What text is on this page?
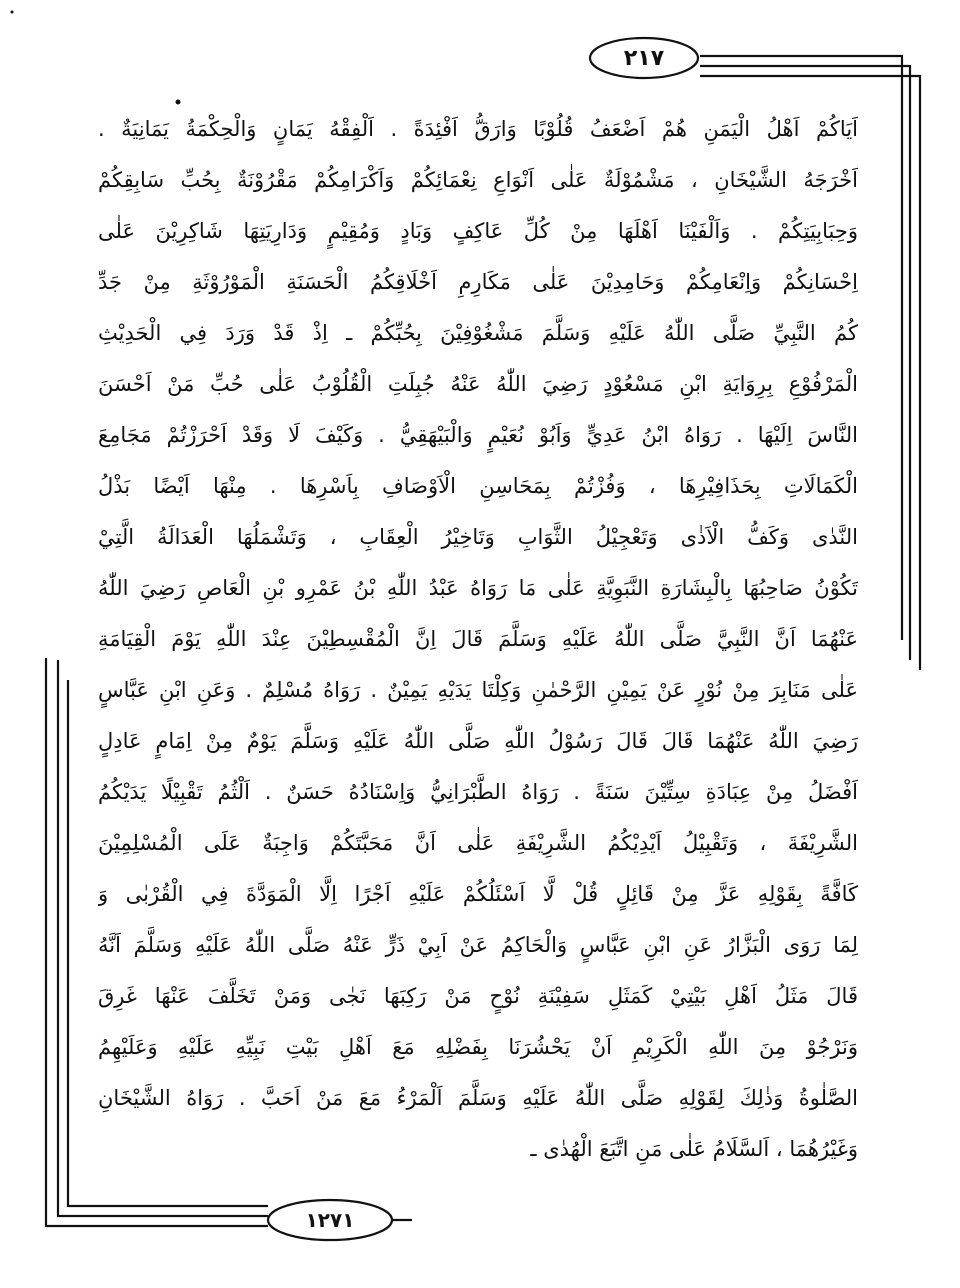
٢١٧
١٢٧١
اَيَاكُمْ اَهْلُ الْيَمَنِ هُمْ اَضْعَفُ قُلُوْبًا وَارَقُّ اَفْئِدَةً . اَلْفِقْهُ يَمَانٍ وَالْحِكْمَةُ يَمَانِيَةٌ .
اَخْرَجَهُ الشَّيْخَانِ ، مَشْمُوْلَةٌ عَلٰى اَنْوَاعِ نِعْمَائِكُمْ وَاَكْرَامِكُمْ مَقْرُوْنَةٌ بِحُبِّ سَابِقِكُمْ
وَحِبَابِيَتِكُمْ . وَاَلْفَيْنَا اَهْلَهَا مِنْ كُلِّ عَاكِفٍ وَبَادٍ وَمُقِيْمٍ وَدَارِيَتِهَا شَاكِرِيْنَ عَلٰى
اِحْسَانِكُمْ وَاِنْعَامِكُمْ وَحَامِدِيْنَ عَلٰى مَكَارِمِ اَخْلَاقِكُمُ الْحَسَنَةِ الْمَوْرُوْثَةِ مِنْ جَدِّ
كُمُ النَّبِيِّ صَلَّى اللّٰهُ عَلَيْهِ وَسَلَّمَ مَشْغُوْفِيْنَ بِحُبِّكُمْ ـ اِذْ قَدْ وَرَدَ فِي الْحَدِيْثِ
الْمَرْفُوْعِ بِرِوَايَةِ ابْنِ مَسْعُوْدٍ رَضِيَ اللّٰهُ عَنْهُ جُبِلَتِ الْقُلُوْبُ عَلٰى حُبِّ مَنْ اَحْسَنَ
النَّاسَ اِلَيْهَا . رَوَاهُ ابْنُ عَدِيٍّ وَاَبُوْ نُعَيْمٍ وَالْبَيْهَقِيُّ . وَكَيْفَ لَا وَقَدْ اَحْرَزْتُمْ مَجَامِعَ
الْكَمَالَاتِ بِحَذَافِيْرِهَا ، وَفُزْتُمْ بِمَحَاسِنِ الْاَوْصَافِ بِاَسْرِهَا . مِنْهَا اَيْضًا بَذْلُ
النَّدٰى وَكَفُّ الْاَذٰى وَتَعْجِيْلُ الثَّوَابِ وَتَاخِيْرُ الْعِقَابِ ، وَتَشْمَلُهَا الْعَدَالَةُ الَّتِيْ
تَكُوْنُ صَاحِبُهَا بِالْبِشَارَةِ النَّبَوِيَّةِ عَلٰى مَا رَوَاهُ عَبْدُ اللّٰهِ بْنُ عَمْرِو بْنِ الْعَاصِ رَضِيَ اللّٰهُ
عَنْهُمَا اَنَّ النَّبِيَّ صَلَّى اللّٰهُ عَلَيْهِ وَسَلَّمَ قَالَ اِنَّ الْمُقْسِطِيْنَ عِنْدَ اللّٰهِ يَوْمَ الْقِيَامَةِ
عَلٰى مَنَابِرَ مِنْ نُوْرٍ عَنْ يَمِيْنِ الرَّحْمٰنِ وَكِلْتَا يَدَيْهِ يَمِيْنٌ . رَوَاهُ مُسْلِمٌ . وَعَنِ ابْنِ عَبَّاسٍ
رَضِيَ اللّٰهُ عَنْهُمَا قَالَ قَالَ رَسُوْلُ اللّٰهِ صَلَّى اللّٰهُ عَلَيْهِ وَسَلَّمَ يَوْمٌ مِنْ اِمَامٍ عَادِلٍ
اَفْضَلُ مِنْ عِبَادَةِ سِتِّيْنَ سَنَةً . رَوَاهُ الطَّبْرَانِيُّ وَاِسْنَادُهُ حَسَنٌ . اَلْثُمُ تَقْبِيْلًا يَدَيْكُمُ
الشَّرِيْفَةَ ، وَتَقْبِيْلُ اَيْدِيْكُمُ الشَّرِيْفَةِ عَلٰى اَنَّ مَحَبَّتَكُمْ وَاجِبَةٌ عَلَى الْمُسْلِمِيْنَ
كَافَّةً بِقَوْلِهِ عَزَّ مِنْ قَائِلٍ قُلْ لَّا اَسْئَلُكُمْ عَلَيْهِ اَجْرًا اِلَّا الْمَوَدَّةَ فِي الْقُرْبٰى وَ
لِمَا رَوَى الْبَزَّارُ عَنِ ابْنِ عَبَّاسٍ وَالْحَاكِمُ عَنْ اَبِيْ ذَرٍّ عَنْهُ صَلَّى اللّٰهُ عَلَيْهِ وَسَلَّمَ اَنَّهُ
قَالَ مَثَلُ اَهْلِ بَيْتِيْ كَمَثَلِ سَفِيْنَةِ نُوْحٍ مَنْ رَكِبَهَا نَجٰى وَمَنْ تَخَلَّفَ عَنْهَا غَرِقَ
وَنَرْجُوْ مِنَ اللّٰهِ الْكَرِيْمِ اَنْ يَحْشُرَنَا بِفَضْلِهِ مَعَ اَهْلِ بَيْتِ نَبِيِّهِ عَلَيْهِ وَعَلَيْهِمُ
الصَّلٰوةُ وَذٰلِكَ لِقَوْلِهِ صَلَّى اللّٰهُ عَلَيْهِ وَسَلَّمَ اَلْمَرْءُ مَعَ مَنْ اَحَبَّ . رَوَاهُ الشَّيْخَانِ
وَغَيْرُهُمَا ، اَلسَّلَامُ عَلٰى مَنِ اتَّبَعَ الْهُدٰى ـ
